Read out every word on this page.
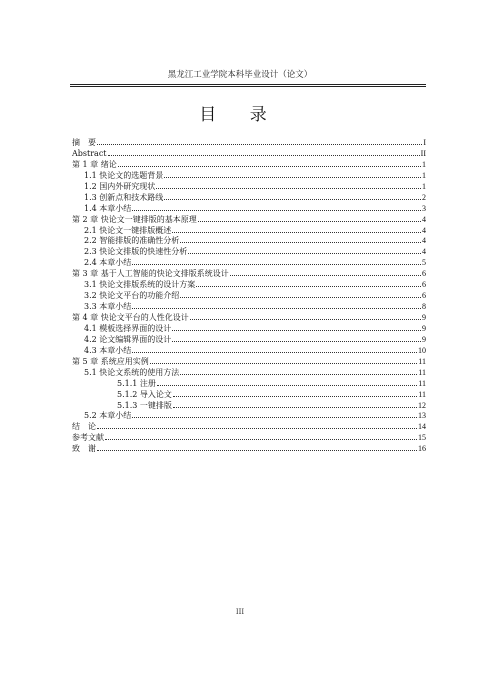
黑龙江工业学院本科毕业设计（论文）
目 录
摘　要	I
Abstract	II
第 1 章 绪论	1
1.1 快论文的选题背景	1
1.2 国内外研究现状	1
1.3 创新点和技术路线	2
1.4 本章小结	3
第 2 章 快论文一键排版的基本原理	4
2.1 快论文一键排版概述	4
2.2 智能排版的准确性分析	4
2.3 快论文排版的快速性分析	4
2.4 本章小结	5
第 3 章 基于人工智能的快论文排版系统设计	6
3.1 快论文排版系统的设计方案	6
3.2 快论文平台的功能介绍	6
3.3 本章小结	8
第 4 章 快论文平台的人性化设计	9
4.1 模板选择界面的设计	9
4.2 论文编辑界面的设计	9
4.3 本章小结	10
第 5 章 系统应用实例	11
5.1 快论文系统的使用方法	11
5.1.1 注册	11
5.1.2 导入论文	11
5.1.3 一键排版	12
5.2 本章小结	13
结　论	14
参考文献	15
致　谢	16
III
